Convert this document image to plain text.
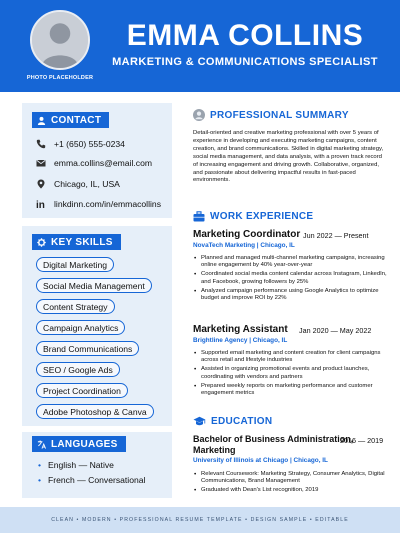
PHOTO PLACEHOLDER
EMMA COLLINS
MARKETING & COMMUNICATIONS SPECIALIST
CONTACT
+1 (650) 555-0234
emma.collins@email.com
Chicago, IL, USA
in linkdinn.com/in/emmacollins
KEY SKILLS
Digital Marketing
Social Media Management
Content Strategy
Campaign Analytics
Brand Communications
SEO / Google Ads
Project Coordination
Adobe Photoshop & Canva
LANGUAGES
• English — Native
• French — Conversational
PROFESSIONAL SUMMARY
Detail-oriented and creative marketing professional with over 5 years of experience in developing and executing marketing campaigns, content creation, and brand communications. Skilled in digital marketing strategy, social media management, and data analysis, with a proven track record of increasing engagement and driving growth. Collaborative, organized, and passionate about delivering impactful results in fast-paced environments.
WORK EXPERIENCE
Marketing Coordinator Jun 2022 — Present
NovaTech Marketing | Chicago, IL
• Planned and managed multi-channel marketing campaigns, increasing online engagement by 40% year-over-year
• Coordinated social media content calendar across Instagram, LinkedIn, and Facebook, growing followers by 25%
• Analyzed campaign performance using Google Analytics to optimize budget and improve ROI by 22%
Marketing Assistant Jan 2020 — May 2022
Brightline Agency | Chicago, IL
• Supported email marketing and content creation for client campaigns across retail and lifestyle industries
• Assisted in organizing promotional events and product launches, coordinating with vendors and partners
• Prepared weekly reports on marketing performance and customer engagement metrics
EDUCATION
Bachelor of Business Administration,
2016 — 2019
Marketing
University of Illinois at Chicago | Chicago, IL
• Relevant Coursework: Marketing Strategy, Consumer Analytics, Digital Communications, Brand Management
• Graduated with Dean's List recognition, 2019
CLEAN • MODERN • PROFESSIONAL RESUME TEMPLATE • DESIGN SAMPLE • EDITABLE
